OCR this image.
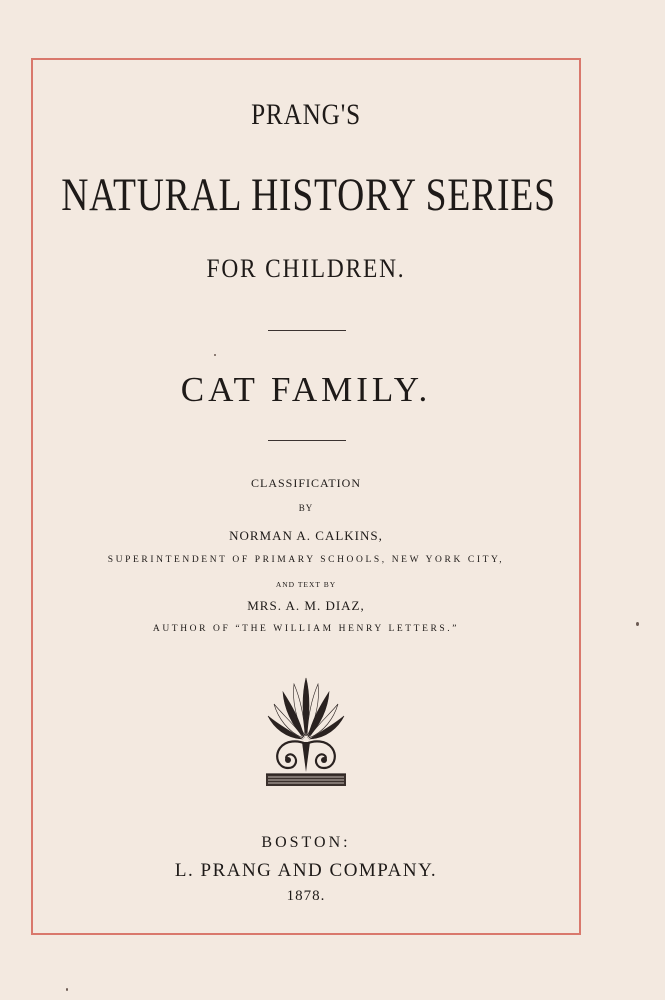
PRANG'S
NATURAL HISTORY SERIES
FOR CHILDREN.
CAT FAMILY.
CLASSIFICATION
BY
NORMAN A. CALKINS,
SUPERINTENDENT OF PRIMARY SCHOOLS, NEW YORK CITY,
AND TEXT BY
MRS. A. M. DIAZ,
AUTHOR OF “THE WILLIAM HENRY LETTERS.”
BOSTON:
L. PRANG AND COMPANY.
1878.
